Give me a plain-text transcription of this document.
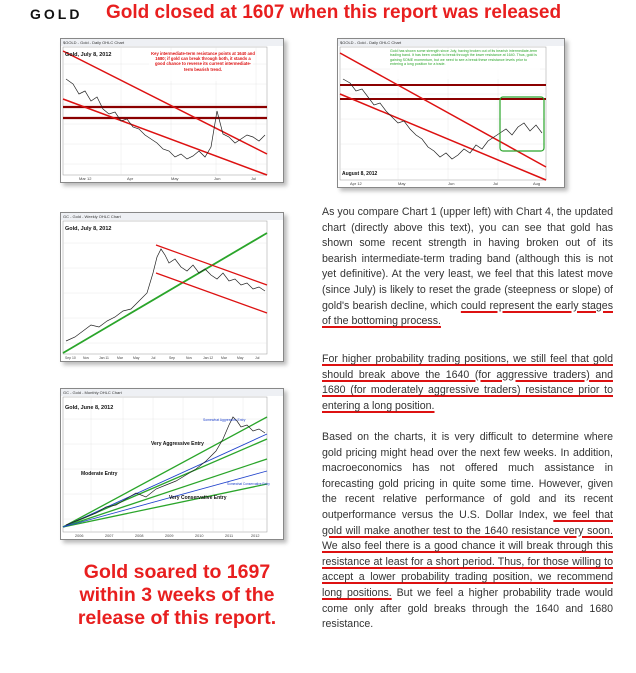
GOLD Gold closed at 1607 when this report was released
$GOLD - Gold - Daily OHLC Chart
Key intermediate-term resistance points at 1640 and 1680; if gold can break through both, it stands a good chance to reverse its current intermediate-term bearish trend.
Gold, July 8, 2012
Mar 12	Apr	May	Jun	Jul
$GOLD - Gold - Daily OHLC Chart
Gold has shown some strength since July, having broken out of its bearish intermediate-term trading band. It has been unable to break through the lower resistance at 1640. Thus, gold is gaining SOME momentum, but we need to see a break these resistance levels prior to entering a long position for a trade.
August 8, 2012
Apr 12	May	Jun	Jul	Aug
GC - Gold - Weekly OHLC Chart
Gold, July 8, 2012
Sep 10 Nov	Jan 11 Mar	May	Jul	Sep	Nov	Jan 12 Mar	May	Jul
GC - Gold - Monthly OHLC Chart
Gold, June 8, 2012
Very Aggressive Entry
Somewhat Aggressive Entry
Moderate Entry
Very Conservative Entry
Somewhat Conservative Entry
2006	2007	2008	2009	2010	2011	2012

As you compare Chart 1 (upper left) with Chart 4, the updated chart (directly above this text), you can see that gold has shown some recent strength in having broken out of its bearish intermediate-term trading band (although this is not yet definitive). At the very least, we feel that this latest move (since July) is likely to reset the grade (steepness or slope) of gold's bearish decline, which could represent the early stages of the bottoming process.

For higher probability trading positions, we still feel that gold should break above the 1640 (for aggressive traders) and 1680 (for moderately aggressive traders) resistance prior to entering a long position.

Based on the charts, it is very difficult to determine where gold pricing might head over the next few weeks. In addition, macroeconomics has not offered much assistance in forecasting gold pricing in quite some time. However, given the recent relative performance of gold and its recent outperformance versus the U.S. Dollar Index, we feel that gold will make another test to the 1640 resistance very soon. We also feel there is a good chance it will break through this resistance at least for a short period. Thus, for those willing to accept a lower probability trading position, we recommend long positions. But we feel a higher probability trade would come only after gold breaks through the 1640 and 1680 resistance.

Gold soared to 1697 within 3 weeks of the release of this report.
